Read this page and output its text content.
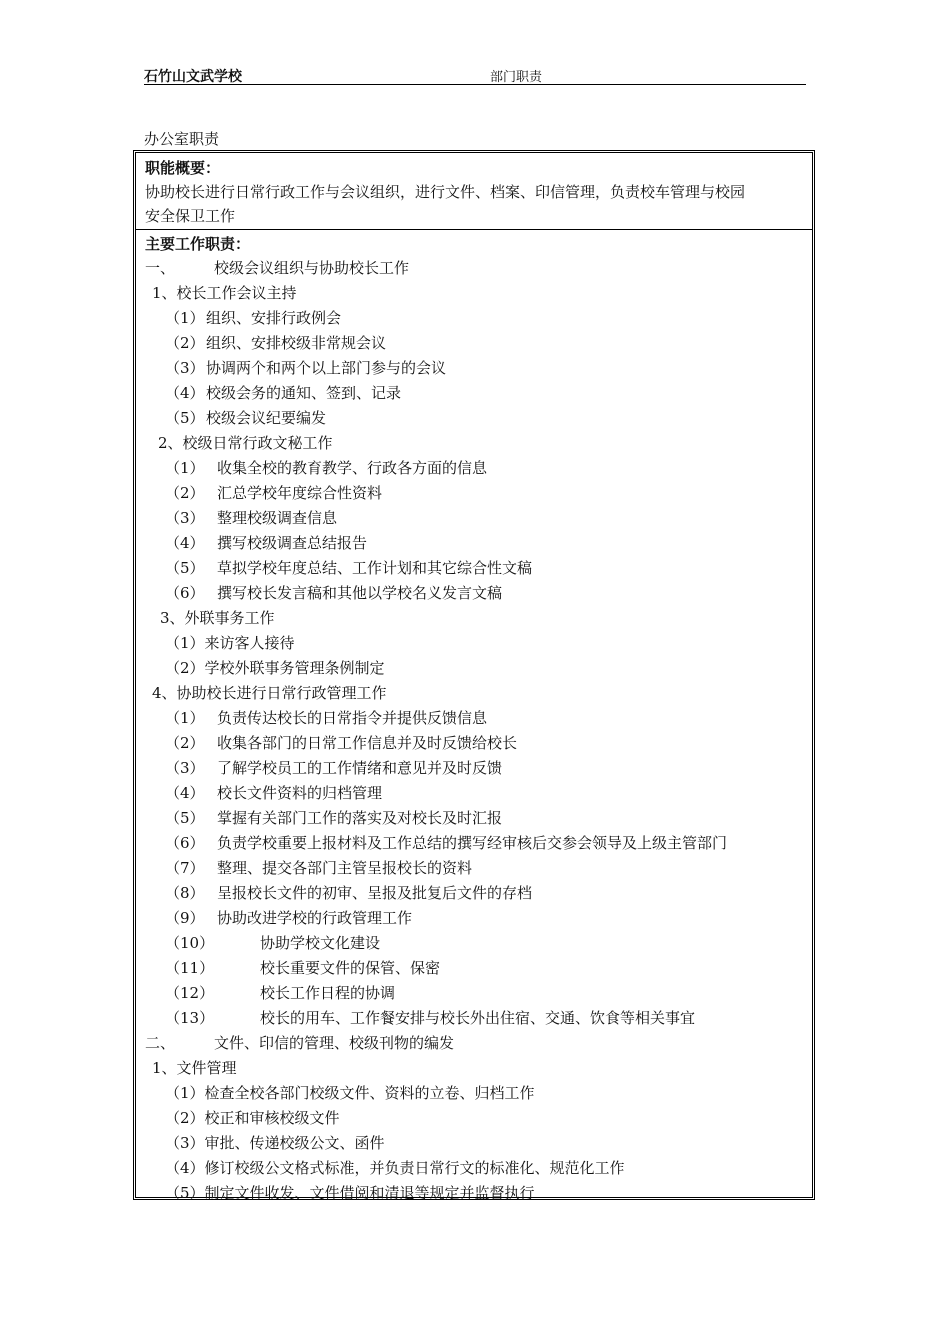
石竹山文武学校	部门职责
办公室职责
职能概要：
协助校长进行日常行政工作与会议组织，进行文件、档案、印信管理，负责校车管理与校园
安全保卫工作
主要工作职责：
一、	校级会议组织与协助校长工作
1、校长工作会议主持
（1） 组织、安排行政例会
（2） 组织、安排校级非常规会议
（3） 协调两个和两个以上部门参与的会议
（4） 校级会务的通知、签到、记录
（5） 校级会议纪要编发
2、校级日常行政文秘工作
（1） 收集全校的教育教学、行政各方面的信息
（2） 汇总学校年度综合性资料
（3） 整理校级调查信息
（4） 撰写校级调查总结报告
（5） 草拟学校年度总结、工作计划和其它综合性文稿
（6） 撰写校长发言稿和其他以学校名义发言文稿
3、外联事务工作
（1）来访客人接待
（2）学校外联事务管理条例制定
4、协助校长进行日常行政管理工作
（1） 负责传达校长的日常指令并提供反馈信息
（2） 收集各部门的日常工作信息并及时反馈给校长
（3） 了解学校员工的工作情绪和意见并及时反馈
（4） 校长文件资料的归档管理
（5） 掌握有关部门工作的落实及对校长及时汇报
（6） 负责学校重要上报材料及工作总结的撰写经审核后交参会领导及上级主管部门
（7） 整理、提交各部门主管呈报校长的资料
（8） 呈报校长文件的初审、呈报及批复后文件的存档
（9） 协助改进学校的行政管理工作
（10）	协助学校文化建设
（11）	校长重要文件的保管、保密
（12）	校长工作日程的协调
（13）	校长的用车、工作餐安排与校长外出住宿、交通、饮食等相关事宜
二、	文件、印信的管理、校级刊物的编发
1、文件管理
（1）检查全校各部门校级文件、资料的立卷、归档工作
（2）校正和审核校级文件
（3）审批、传递校级公文、函件
（4）修订校级公文格式标准，并负责日常行文的标准化、规范化工作
（5）制定文件收发、文件借阅和清退等规定并监督执行
